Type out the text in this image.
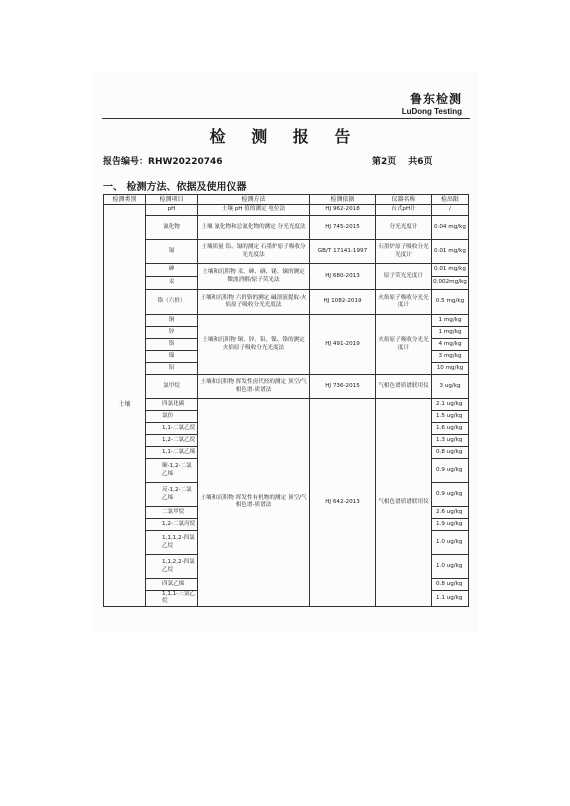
鲁东检测
LuDong Testing
检 测 报 告
报告编号：RHW20220746	第2页 共6页
一、 检测方法、依据及使用仪器
检测类别	检测项目	检测方法	检测依据	仪器名称	检出限
土壤	pH	土壤 pH 值的测定 电位法	HJ 962-2018	台式pH计	/
	氰化物	土壤 氰化物和总氰化物的测定 分光光度法	HJ 745-2015	分光光度计	0.04 mg/kg
	镉	土壤质量 铅、镉的测定 石墨炉原子吸收分光光度法	GB/T 17141-1997	石墨炉原子吸收分光光度计	0.01 mg/kg
	砷	土壤和沉积物 汞、砷、硒、铋、锑的测定 微波消解/原子荧光法	HJ 680-2013	原子荧光光度计	0.01 mg/kg
	汞				0.002mg/kg
	铬（六价）	土壤和沉积物 六价铬的测定 碱溶液提取-火焰原子吸收分光光度法	HJ 1082-2019	火焰原子吸收分光光度计	0.5 mg/kg
	铜	土壤和沉积物 铜、锌、铅、镍、铬的测定 火焰原子吸收分光光度法	HJ 491-2019	火焰原子吸收分光光度计	1 mg/kg
	锌				1 mg/kg
	铬				4 mg/kg
	镍				3 mg/kg
	铅				10 mg/kg
	氯甲烷	土壤和沉积物 挥发性卤代烃的测定 顶空/气相色谱-质谱法	HJ 736-2015	气相色谱质谱联用仪	3 ug/kg
	四氯化碳	土壤和沉积物 挥发性有机物的测定 顶空/气相色谱-质谱法	HJ 642-2013	气相色谱质谱联用仪	2.1 ug/kg
	氯仿				1.5 ug/kg
	1,1-二氯乙烷				1.6 ug/kg
	1,2-二氯乙烷				1.3 ug/kg
	1,1-二氯乙烯				0.8 ug/kg
	顺-1,2-二氯乙烯				0.9 ug/kg
	反-1,2-二氯乙烯				0.9 ug/kg
	二氯甲烷				2.6 ug/kg
	1,2-二氯丙烷				1.9 ug/kg
	1,1,1,2-四氯乙烷				1.0 ug/kg
	1,1,2,2-四氯乙烷				1.0 ug/kg
	四氯乙烯				0.8 ug/kg
	1,1,1-三氯乙烷				1.1 ug/kg
